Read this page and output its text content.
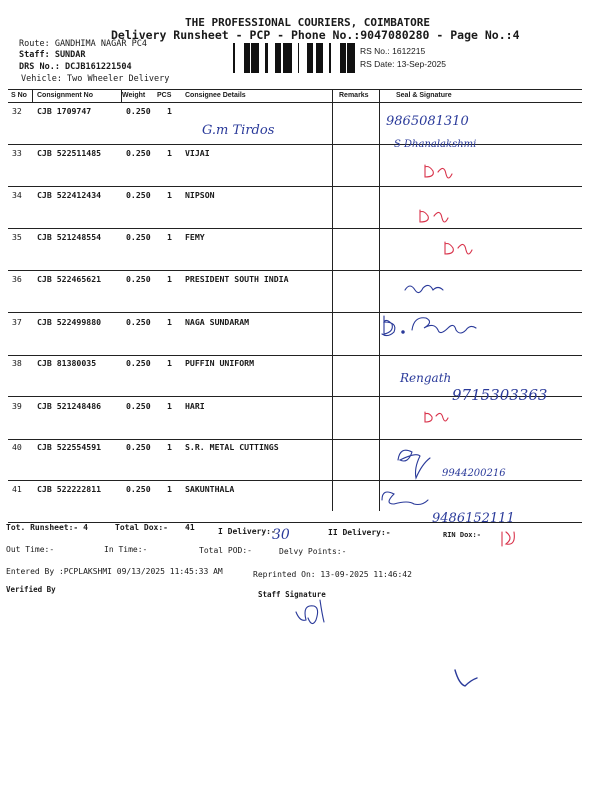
THE PROFESSIONAL COURIERS, COIMBATORE
Delivery Runsheet - PCP - Phone No.:9047080280 - Page No.:4
Route: GANDHIMA NAGAR PC4
Staff: SUNDAR
DRS No.: DCJB161221504
Vehicle: Two Wheeler Delivery
RS No.: 1612215
RS Date: 13-Sep-2025
S No Consignment No	Weight PCS Consignee Details	Remarks	Seal & Signature
32 CJB 1709747	0.250 1
33 CJB 522511485	0.250 1 VIJAI
34 CJB 522412434	0.250 1 NIPSON
35 CJB 521248554	0.250 1 FEMY
36 CJB 522465621	0.250 1 PRESIDENT SOUTH INDIA
37 CJB 522499880	0.250 1 NAGA SUNDARAM
38 CJB 81380035	0.250 1 PUFFIN UNIFORM
39 CJB 521248486	0.250 1 HARI
40 CJB 522554591	0.250 1 S.R. METAL CUTTINGS
41 CJB 522222811	0.250 1 SAKUNTHALA
G.m Tirdos
9865081310
S Dhanalakshmi
Rengath
9715303363
9944200216
9486152111
30
Tot. Runsheet:- 4	Total Dox:- 41	I Delivery:-	II Delivery:-	RIN Dox:-
Out Time:-	In Time:-	Total POD:-	Delvy Points:-
Entered By :PCPLAKSHMI 09/13/2025 11:45:33 AM	Reprinted On: 13-09-2025 11:46:42
Verified By
Staff Signature
